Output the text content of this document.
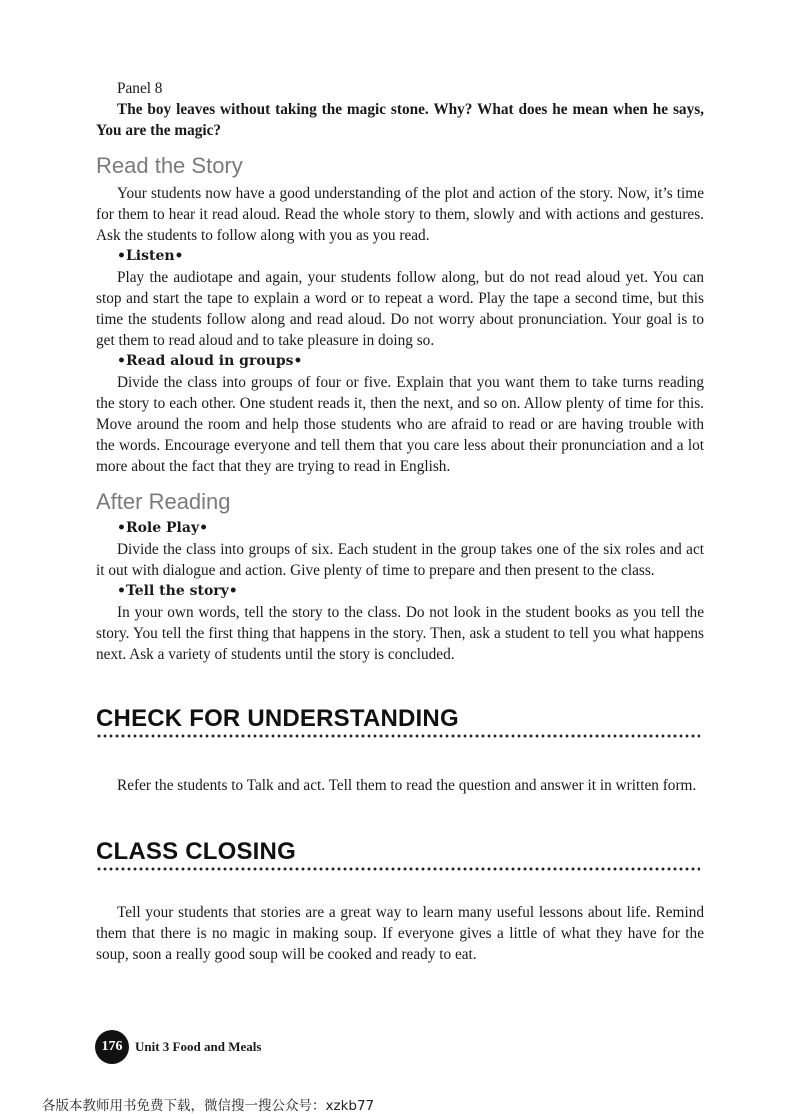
Panel 8

The boy leaves without taking the magic stone. Why? What does he mean when he says, You are the magic?

Read the Story

Your students now have a good understanding of the plot and action of the story. Now, it’s time for them to hear it read aloud. Read the whole story to them, slowly and with actions and gestures. Ask the students to follow along with you as you read.

•Listen•

Play the audiotape and again, your students follow along, but do not read aloud yet. You can stop and start the tape to explain a word or to repeat a word. Play the tape a second time, but this time the students follow along and read aloud. Do not worry about pronunciation. Your goal is to get them to read aloud and to take pleasure in doing so.

•Read aloud in groups•

Divide the class into groups of four or five. Explain that you want them to take turns reading the story to each other. One student reads it, then the next, and so on. Allow plenty of time for this. Move around the room and help those students who are afraid to read or are having trouble with the words. Encourage everyone and tell them that you care less about their pronunciation and a lot more about the fact that they are trying to read in English.

After Reading

•Role Play•

Divide the class into groups of six. Each student in the group takes one of the six roles and act it out with dialogue and action. Give plenty of time to prepare and then present to the class.

•Tell the story•

In your own words, tell the story to the class. Do not look in the student books as you tell the story. You tell the first thing that happens in the story. Then, ask a student to tell you what happens next. Ask a variety of students until the story is concluded.

CHECK FOR UNDERSTANDING

Refer the students to Talk and act. Tell them to read the question and answer it in written form.

CLASS CLOSING

Tell your students that stories are a great way to learn many useful lessons about life. Remind them that there is no magic in making soup. If everyone gives a little of what they have for the soup, soon a really good soup will be cooked and ready to eat.

176 Unit 3 Food and Meals
各版本教师用书免费下载，微信搜一搜公众号：xzkb77
